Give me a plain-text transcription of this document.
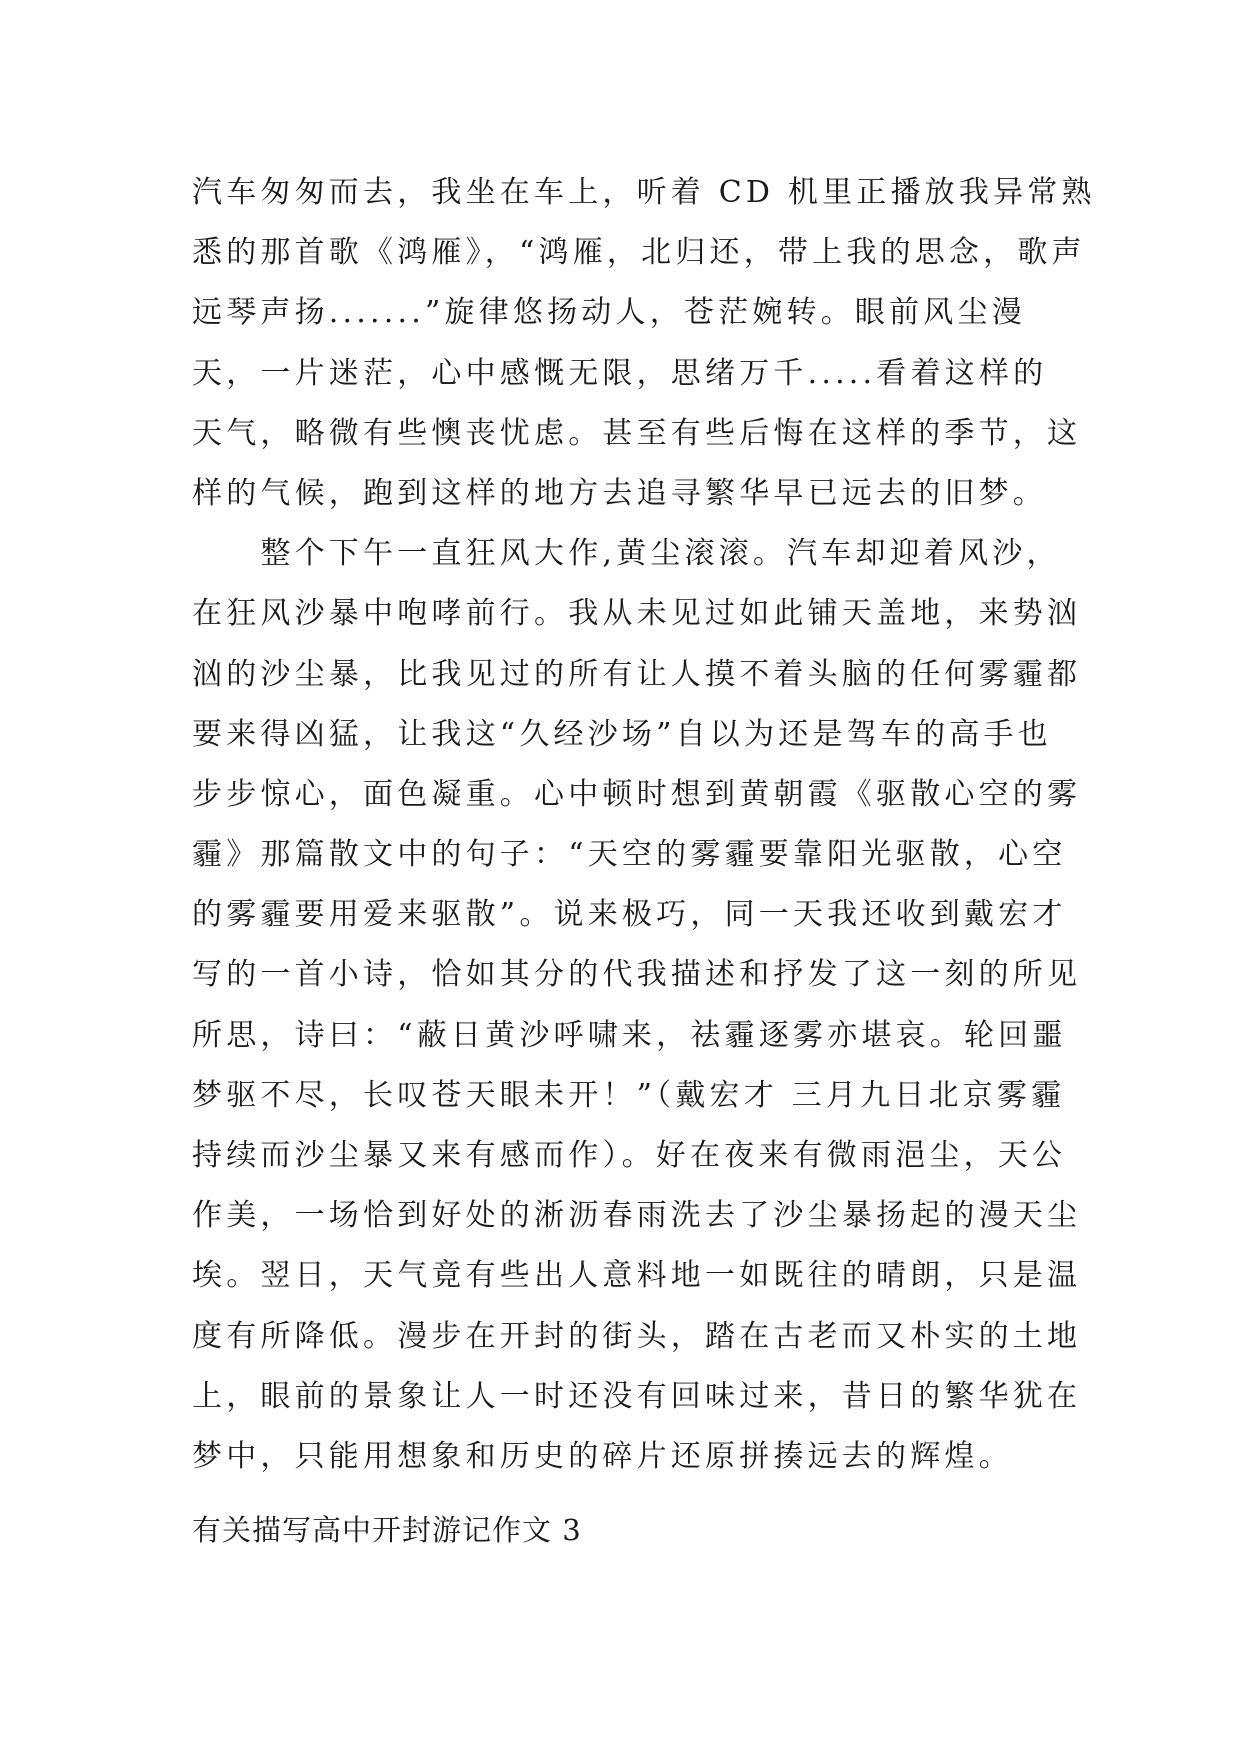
汽车匆匆而去，我坐在车上，听着 CD 机里正播放我异常熟
悉的那首歌《鸿雁》，“鸿雁，北归还，带上我的思念，歌声
远琴声扬.......”旋律悠扬动人，苍茫婉转。眼前风尘漫
天，一片迷茫，心中感慨无限，思绪万千.....看着这样的
天气，略微有些懊丧忧虑。甚至有些后悔在这样的季节，这
样的气候，跑到这样的地方去追寻繁华早已远去的旧梦。
　　整个下午一直狂风大作,黄尘滚滚。汽车却迎着风沙，
在狂风沙暴中咆哮前行。我从未见过如此铺天盖地，来势汹
汹的沙尘暴，比我见过的所有让人摸不着头脑的任何雾霾都
要来得凶猛，让我这“久经沙场”自以为还是驾车的高手也
步步惊心，面色凝重。心中顿时想到黄朝霞《驱散心空的雾
霾》那篇散文中的句子：“天空的雾霾要靠阳光驱散，心空
的雾霾要用爱来驱散”。说来极巧，同一天我还收到戴宏才
写的一首小诗，恰如其分的代我描述和抒发了这一刻的所见
所思，诗曰：“蔽日黄沙呼啸来，祛霾逐雾亦堪哀。轮回噩
梦驱不尽，长叹苍天眼未开！”（戴宏才 三月九日北京雾霾
持续而沙尘暴又来有感而作）。好在夜来有微雨浥尘，天公
作美，一场恰到好处的淅沥春雨洗去了沙尘暴扬起的漫天尘
埃。翌日，天气竟有些出人意料地一如既往的晴朗，只是温
度有所降低。漫步在开封的街头，踏在古老而又朴实的土地
上，眼前的景象让人一时还没有回味过来，昔日的繁华犹在
梦中，只能用想象和历史的碎片还原拼揍远去的辉煌。
有关描写高中开封游记作文 3
